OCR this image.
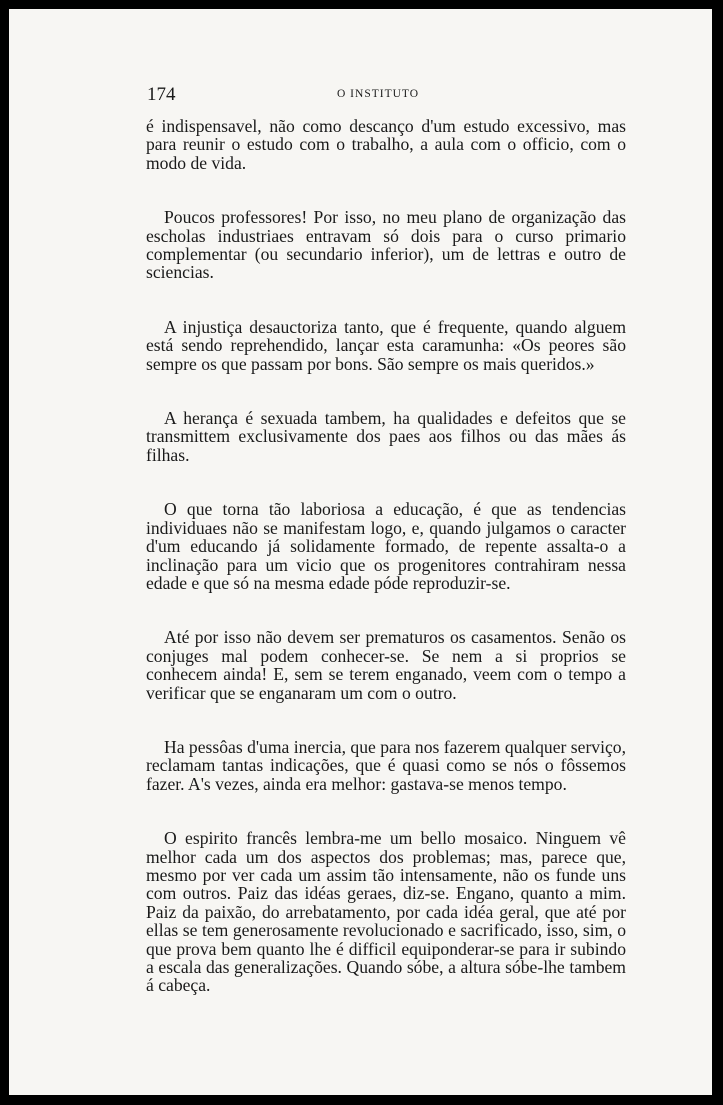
174	O INSTITUTO

é indispensavel, não como descanço d'um estudo excessivo, mas para reunir o estudo com o trabalho, a aula com o officio, com o modo de vida.

Poucos professores! Por isso, no meu plano de organização das escholas industriaes entravam só dois para o curso primario complementar (ou secundario inferior), um de lettras e outro de sciencias.

A injustiça desauctoriza tanto, que é frequente, quando alguem está sendo reprehendido, lançar esta caramunha: «Os peores são sempre os que passam por bons. São sempre os mais queridos.»

A herança é sexuada tambem, ha qualidades e defeitos que se transmittem exclusivamente dos paes aos filhos ou das mães ás filhas.

O que torna tão laboriosa a educação, é que as tendencias individuaes não se manifestam logo, e, quando julgamos o caracter d'um educando já solidamente formado, de repente assalta-o a inclinação para um vicio que os progenitores contrahiram nessa edade e que só na mesma edade póde reproduzir-se.

Até por isso não devem ser prematuros os casamentos. Senão os conjuges mal podem conhecer-se. Se nem a si proprios se conhecem ainda! E, sem se terem enganado, veem com o tempo a verificar que se enganaram um com o outro.

Ha pessôas d'uma inercia, que para nos fazerem qualquer serviço, reclamam tantas indicações, que é quasi como se nós o fôssemos fazer. A's vezes, ainda era melhor: gastava-se menos tempo.

O espirito francês lembra-me um bello mosaico. Ninguem vê melhor cada um dos aspectos dos problemas; mas, parece que, mesmo por ver cada um assim tão intensamente, não os funde uns com outros. Paiz das idéas geraes, diz-se. Engano, quanto a mim. Paiz da paixão, do arrebatamento, por cada idéa geral, que até por ellas se tem generosamente revolucionado e sacrificado, isso, sim, o que prova bem quanto lhe é difficil equiponderar-se para ir subindo a escala das generalizações. Quando sóbe, a altura sóbe-lhe tambem á cabeça.
